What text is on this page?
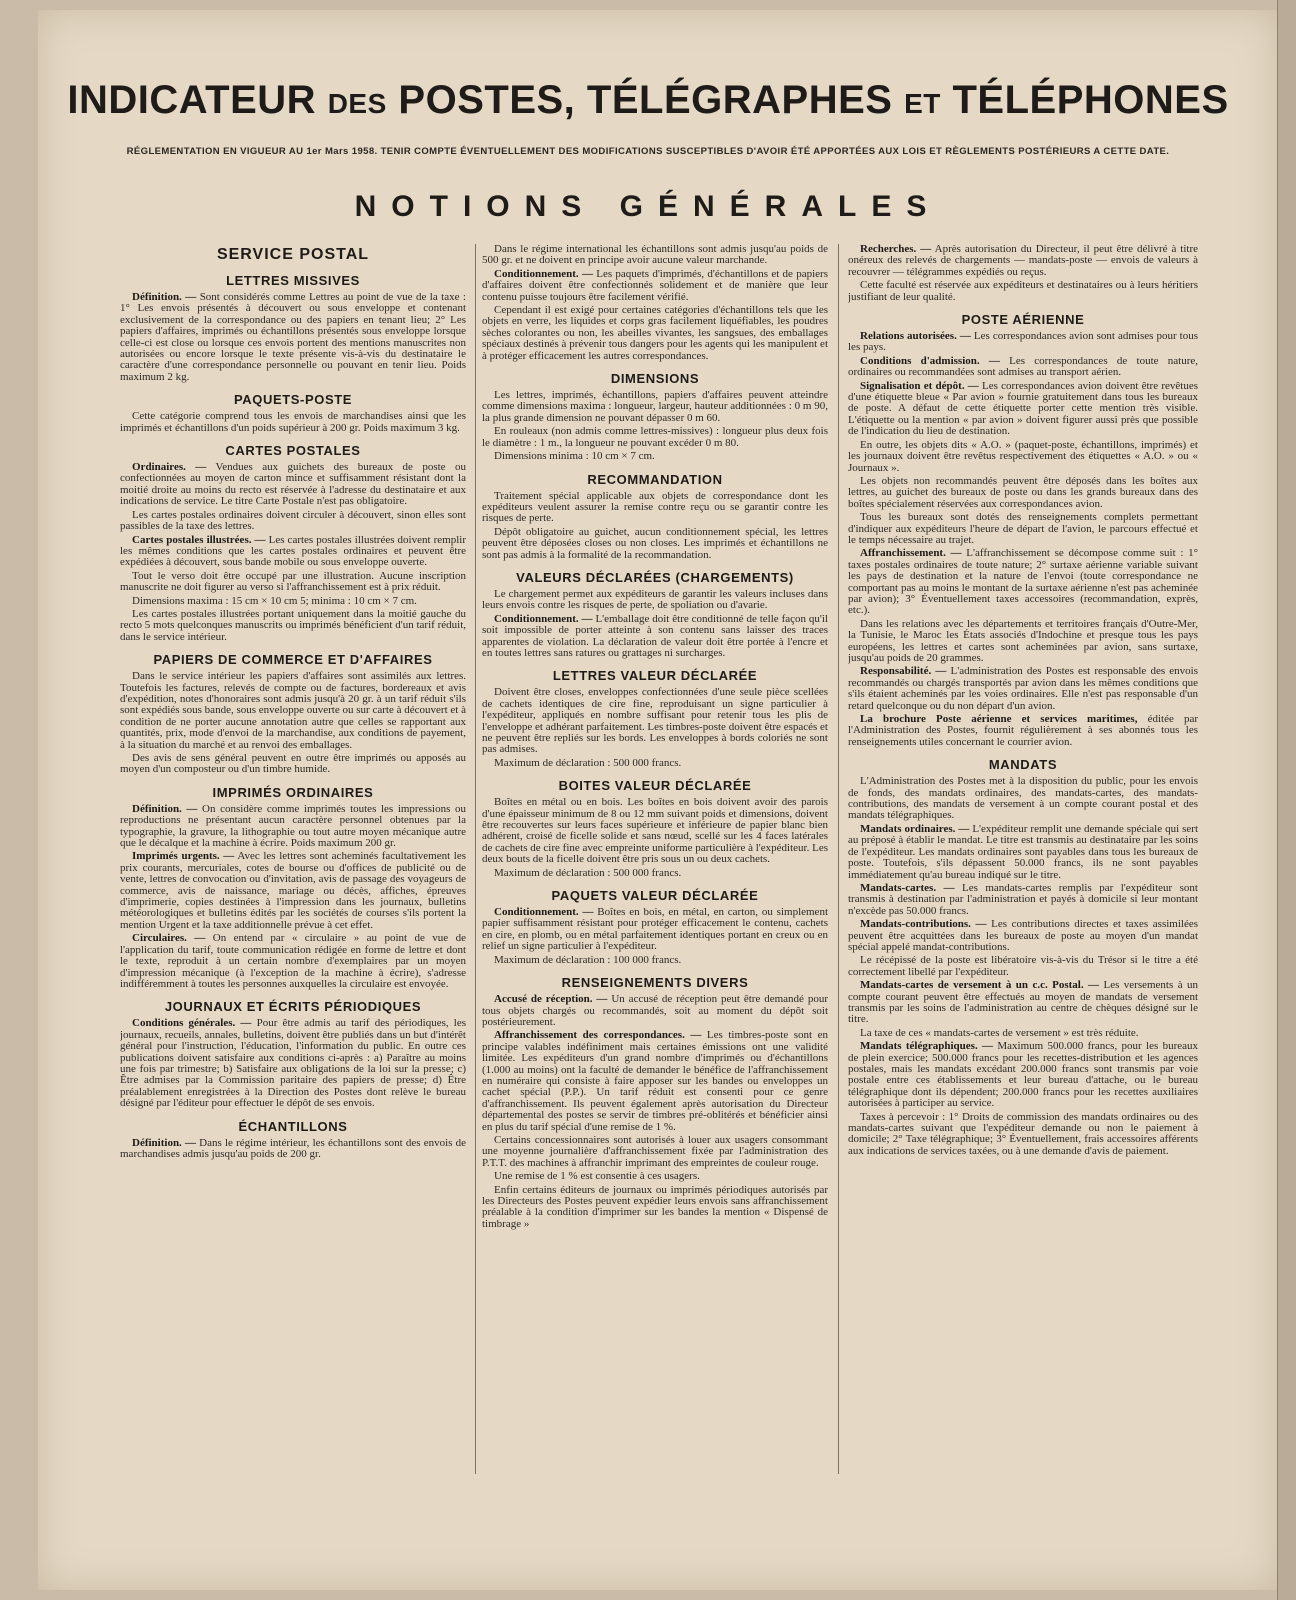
INDICATEUR DES POSTES, TÉLÉGRAPHES ET TÉLÉPHONES
RÉGLEMENTATION EN VIGUEUR AU 1er Mars 1958. TENIR COMPTE ÉVENTUELLEMENT DES MODIFICATIONS SUSCEPTIBLES D'AVOIR ÉTÉ APPORTÉES AUX LOIS ET RÈGLEMENTS POSTÉRIEURS A CETTE DATE.
NOTIONS GÉNÉRALES
SERVICE POSTAL
LETTRES MISSIVES

Définition. — Sont considérés comme Lettres au point de vue de la taxe : 1° Les envois présentés à découvert ou sous enveloppe et contenant exclusivement de la correspondance ou des papiers en tenant lieu; 2° Les papiers d'affaires, imprimés ou échantillons présentés sous enveloppe lorsque celle-ci est close ou lorsque ces envois portent des mentions manuscrites non autorisées ou encore lorsque le texte présente vis-à-vis du destinataire le caractère d'une correspondance personnelle ou pouvant en tenir lieu. Poids maximum 2 kg.

PAQUETS-POSTE

Cette catégorie comprend tous les envois de marchandises ainsi que les imprimés et échantillons d'un poids supérieur à 200 gr. Poids maximum 3 kg.

CARTES POSTALES

Ordinaires. — Vendues aux guichets des bureaux de poste ou confectionnées au moyen de carton mince et suffisamment résistant dont la moitié droite au moins du recto est réservée à l'adresse du destinataire et aux indications de service. Le titre Carte Postale n'est pas obligatoire.

Les cartes postales ordinaires doivent circuler à découvert, sinon elles sont passibles de la taxe des lettres.

Cartes postales illustrées. — Les cartes postales illustrées doivent remplir les mêmes conditions que les cartes postales ordinaires et peuvent être expédiées à découvert, sous bande mobile ou sous enveloppe ouverte.

Tout le verso doit être occupé par une illustration. Aucune inscription manuscrite ne doit figurer au verso si l'affranchissement est à prix réduit.

Dimensions maxima : 15 cm × 10 cm 5; minima : 10 cm × 7 cm.

Les cartes postales illustrées portant uniquement dans la moitié gauche du recto 5 mots quelconques manuscrits ou imprimés bénéficient d'un tarif réduit, dans le service intérieur.

PAPIERS DE COMMERCE ET D'AFFAIRES

Dans le service intérieur les papiers d'affaires sont assimilés aux lettres. Toutefois les factures, relevés de compte ou de factures, bordereaux et avis d'expédition, notes d'honoraires sont admis jusqu'à 20 gr. à un tarif réduit s'ils sont expédiés sous bande, sous enveloppe ouverte ou sur carte à découvert et à condition de ne porter aucune annotation autre que celles se rapportant aux quantités, prix, mode d'envoi de la marchandise, aux conditions de payement, à la situation du marché et au renvoi des emballages.

Des avis de sens général peuvent en outre être imprimés ou apposés au moyen d'un composteur ou d'un timbre humide.

IMPRIMÉS ORDINAIRES

Définition. — On considère comme imprimés toutes les impressions ou reproductions ne présentant aucun caractère personnel obtenues par la typographie, la gravure, la lithographie ou tout autre moyen mécanique autre que le décalque et la machine à écrire. Poids maximum 200 gr.

Imprimés urgents. — Avec les lettres sont acheminés facultativement les prix courants, mercuriales, cotes de bourse ou d'offices de publicité ou de vente, lettres de convocation ou d'invitation, avis de passage des voyageurs de commerce, avis de naissance, mariage ou décès, affiches, épreuves d'imprimerie, copies destinées à l'impression dans les journaux, bulletins météorologiques et bulletins édités par les sociétés de courses s'ils portent la mention Urgent et la taxe additionnelle prévue à cet effet.

Circulaires. — On entend par « circulaire » au point de vue de l'application du tarif, toute communication rédigée en forme de lettre et dont le texte, reproduit à un certain nombre d'exemplaires par un moyen d'impression mécanique (à l'exception de la machine à écrire), s'adresse indifféremment à toutes les personnes auxquelles la circulaire est envoyée.

JOURNAUX ET ÉCRITS PÉRIODIQUES

Conditions générales. — Pour être admis au tarif des périodiques, les journaux, recueils, annales, bulletins, doivent être publiés dans un but d'intérêt général pour l'instruction, l'éducation, l'information du public. En outre ces publications doivent satisfaire aux conditions ci-après : a) Paraître au moins une fois par trimestre; b) Satisfaire aux obligations de la loi sur la presse; c) Être admises par la Commission paritaire des papiers de presse; d) Être préalablement enregistrées à la Direction des Postes dont relève le bureau désigné par l'éditeur pour effectuer le dépôt de ses envois.

ÉCHANTILLONS

Définition. — Dans le régime intérieur, les échantillons sont des envois de marchandises admis jusqu'au poids de 200 gr.

Dans le régime international les échantillons sont admis jusqu'au poids de 500 gr. et ne doivent en principe avoir aucune valeur marchande.

Conditionnement. — Les paquets d'imprimés, d'échantillons et de papiers d'affaires doivent être confectionnés solidement et de manière que leur contenu puisse toujours être facilement vérifié.

Cependant il est exigé pour certaines catégories d'échantillons tels que les objets en verre, les liquides et corps gras facilement liquéfiables, les poudres sèches colorantes ou non, les abeilles vivantes, les sangsues, des emballages spéciaux destinés à prévenir tous dangers pour les agents qui les manipulent et à protéger efficacement les autres correspondances.

DIMENSIONS

Les lettres, imprimés, échantillons, papiers d'affaires peuvent atteindre comme dimensions maxima : longueur, largeur, hauteur additionnées : 0 m 90, la plus grande dimension ne pouvant dépasser 0 m 60.

En rouleaux (non admis comme lettres-missives) : longueur plus deux fois le diamètre : 1 m., la longueur ne pouvant excéder 0 m 80.

Dimensions minima : 10 cm × 7 cm.

RECOMMANDATION

Traitement spécial applicable aux objets de correspondance dont les expéditeurs veulent assurer la remise contre reçu ou se garantir contre les risques de perte.

Dépôt obligatoire au guichet, aucun conditionnement spécial, les lettres peuvent être déposées closes ou non closes. Les imprimés et échantillons ne sont pas admis à la formalité de la recommandation.

VALEURS DÉCLARÉES (CHARGEMENTS)

Le chargement permet aux expéditeurs de garantir les valeurs incluses dans leurs envois contre les risques de perte, de spoliation ou d'avarie.

Conditionnement. — L'emballage doit être conditionné de telle façon qu'il soit impossible de porter atteinte à son contenu sans laisser des traces apparentes de violation. La déclaration de valeur doit être portée à l'encre et en toutes lettres sans ratures ou grattages ni surcharges.

LETTRES VALEUR DÉCLARÉE

Doivent être closes, enveloppes confectionnées d'une seule pièce scellées de cachets identiques de cire fine, reproduisant un signe particulier à l'expéditeur, appliqués en nombre suffisant pour retenir tous les plis de l'enveloppe et adhérant parfaitement. Les timbres-poste doivent être espacés et ne peuvent être repliés sur les bords. Les enveloppes à bords coloriés ne sont pas admises.

Maximum de déclaration : 500 000 francs.

BOITES VALEUR DÉCLARÉE

Boîtes en métal ou en bois. Les boîtes en bois doivent avoir des parois d'une épaisseur minimum de 8 ou 12 mm suivant poids et dimensions, doivent être recouvertes sur leurs faces supérieure et inférieure de papier blanc bien adhérent, croisé de ficelle solide et sans nœud, scellé sur les 4 faces latérales de cachets de cire fine avec empreinte uniforme particulière à l'expéditeur. Les deux bouts de la ficelle doivent être pris sous un ou deux cachets.

Maximum de déclaration : 500 000 francs.

PAQUETS VALEUR DÉCLARÉE

Conditionnement. — Boîtes en bois, en métal, en carton, ou simplement papier suffisamment résistant pour protéger efficacement le contenu, cachets en cire, en plomb, ou en métal parfaitement identiques portant en creux ou en relief un signe particulier à l'expéditeur.

Maximum de déclaration : 100 000 francs.

RENSEIGNEMENTS DIVERS

Accusé de réception. — Un accusé de réception peut être demandé pour tous objets chargés ou recommandés, soit au moment du dépôt soit postérieurement.

Affranchissement des correspondances. — Les timbres-poste sont en principe valables indéfiniment mais certaines émissions ont une validité limitée. Les expéditeurs d'un grand nombre d'imprimés ou d'échantillons (1.000 au moins) ont la faculté de demander le bénéfice de l'affranchissement en numéraire qui consiste à faire apposer sur les bandes ou enveloppes un cachet spécial (P.P.). Un tarif réduit est consenti pour ce genre d'affranchissement. Ils peuvent également après autorisation du Directeur départemental des postes se servir de timbres pré-oblitérés et bénéficier ainsi en plus du tarif spécial d'une remise de 1 %.

Certains concessionnaires sont autorisés à louer aux usagers consommant une moyenne journalière d'affranchissement fixée par l'administration des P.T.T. des machines à affranchir imprimant des empreintes de couleur rouge.

Une remise de 1 % est consentie à ces usagers.

Enfin certains éditeurs de journaux ou imprimés périodiques autorisés par les Directeurs des Postes peuvent expédier leurs envois sans affranchissement préalable à la condition d'imprimer sur les bandes la mention « Dispensé de timbrage »

Recherches. — Après autorisation du Directeur, il peut être délivré à titre onéreux des relevés de chargements — mandats-poste — envois de valeurs à recouvrer — télégrammes expédiés ou reçus.

Cette faculté est réservée aux expéditeurs et destinataires ou à leurs héritiers justifiant de leur qualité.

POSTE AÉRIENNE

Relations autorisées. — Les correspondances avion sont admises pour tous les pays.

Conditions d'admission. — Les correspondances de toute nature, ordinaires ou recommandées sont admises au transport aérien.

Signalisation et dépôt. — Les correspondances avion doivent être revêtues d'une étiquette bleue « Par avion » fournie gratuitement dans tous les bureaux de poste. A défaut de cette étiquette porter cette mention très visible. L'étiquette ou la mention « par avion » doivent figurer aussi près que possible de l'indication du lieu de destination.

En outre, les objets dits « A.O. » (paquet-poste, échantillons, imprimés) et les journaux doivent être revêtus respectivement des étiquettes « A.O. » ou « Journaux ».

Les objets non recommandés peuvent être déposés dans les boîtes aux lettres, au guichet des bureaux de poste ou dans les grands bureaux dans des boîtes spécialement réservées aux correspondances avion.

Tous les bureaux sont dotés des renseignements complets permettant d'indiquer aux expéditeurs l'heure de départ de l'avion, le parcours effectué et le temps nécessaire au trajet.

Affranchissement. — L'affranchissement se décompose comme suit : 1° taxes postales ordinaires de toute nature; 2° surtaxe aérienne variable suivant les pays de destination et la nature de l'envoi (toute correspondance ne comportant pas au moins le montant de la surtaxe aérienne n'est pas acheminée par avion); 3° Éventuellement taxes accessoires (recommandation, exprès, etc.).

Dans les relations avec les départements et territoires français d'Outre-Mer, la Tunisie, le Maroc les États associés d'Indochine et presque tous les pays européens, les lettres et cartes sont acheminées par avion, sans surtaxe, jusqu'au poids de 20 grammes.

Responsabilité. — L'administration des Postes est responsable des envois recommandés ou chargés transportés par avion dans les mêmes conditions que s'ils étaient acheminés par les voies ordinaires. Elle n'est pas responsable d'un retard quelconque ou du non départ d'un avion.

La brochure Poste aérienne et services maritimes, éditée par l'Administration des Postes, fournit régulièrement à ses abonnés tous les renseignements utiles concernant le courrier avion.

MANDATS

L'Administration des Postes met à la disposition du public, pour les envois de fonds, des mandats ordinaires, des mandats-cartes, des mandats-contributions, des mandats de versement à un compte courant postal et des mandats télégraphiques.

Mandats ordinaires. — L'expéditeur remplit une demande spéciale qui sert au préposé à établir le mandat. Le titre est transmis au destinataire par les soins de l'expéditeur. Les mandats ordinaires sont payables dans tous les bureaux de poste. Toutefois, s'ils dépassent 50.000 francs, ils ne sont payables immédiatement qu'au bureau indiqué sur le titre.

Mandats-cartes. — Les mandats-cartes remplis par l'expéditeur sont transmis à destination par l'administration et payés à domicile si leur montant n'excède pas 50.000 francs.

Mandats-contributions. — Les contributions directes et taxes assimilées peuvent être acquittées dans les bureaux de poste au moyen d'un mandat spécial appelé mandat-contributions.

Le récépissé de la poste est libératoire vis-à-vis du Trésor si le titre a été correctement libellé par l'expéditeur.

Mandats-cartes de versement à un c.c. Postal. — Les versements à un compte courant peuvent être effectués au moyen de mandats de versement transmis par les soins de l'administration au centre de chèques désigné sur le titre.

La taxe de ces « mandats-cartes de versement » est très réduite.

Mandats télégraphiques. — Maximum 500.000 francs, pour les bureaux de plein exercice; 500.000 francs pour les recettes-distribution et les agences postales, mais les mandats excédant 200.000 francs sont transmis par voie postale entre ces établissements et leur bureau d'attache, ou le bureau télégraphique dont ils dépendent; 200.000 francs pour les recettes auxiliaires autorisées à participer au service.

Taxes à percevoir : 1° Droits de commission des mandats ordinaires ou des mandats-cartes suivant que l'expéditeur demande ou non le paiement à domicile; 2° Taxe télégraphique; 3° Éventuellement, frais accessoires afférents aux indications de services taxées, ou à une demande d'avis de paiement.
